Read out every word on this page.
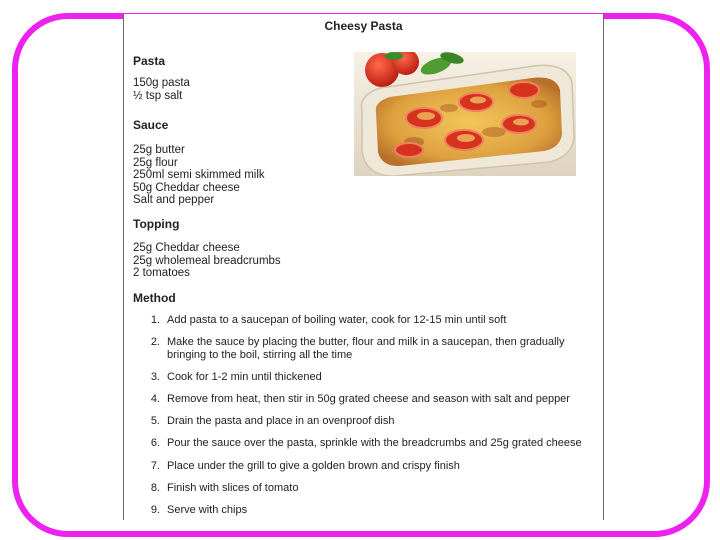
Cheesy Pasta
Pasta
150g pasta
½ tsp salt
Sauce
25g butter
25g flour
250ml semi skimmed milk
50g Cheddar cheese
Salt and pepper
Topping
25g Cheddar cheese
25g wholemeal breadcrumbs
2 tomatoes
Method
1. Add pasta to a saucepan of boiling water, cook for 12-15 min until soft
2. Make the sauce by placing the butter, flour and milk in a saucepan, then gradually bringing to the boil, stirring all the time
3. Cook for 1-2 min until thickened
4. Remove from heat, then stir in 50g grated cheese and season with salt and pepper
5. Drain the pasta and place in an ovenproof dish
6. Pour the sauce over the pasta, sprinkle with the breadcrumbs and 25g grated cheese
7. Place under the grill to give a golden brown and crispy finish
8. Finish with slices of tomato
9. Serve with chips
